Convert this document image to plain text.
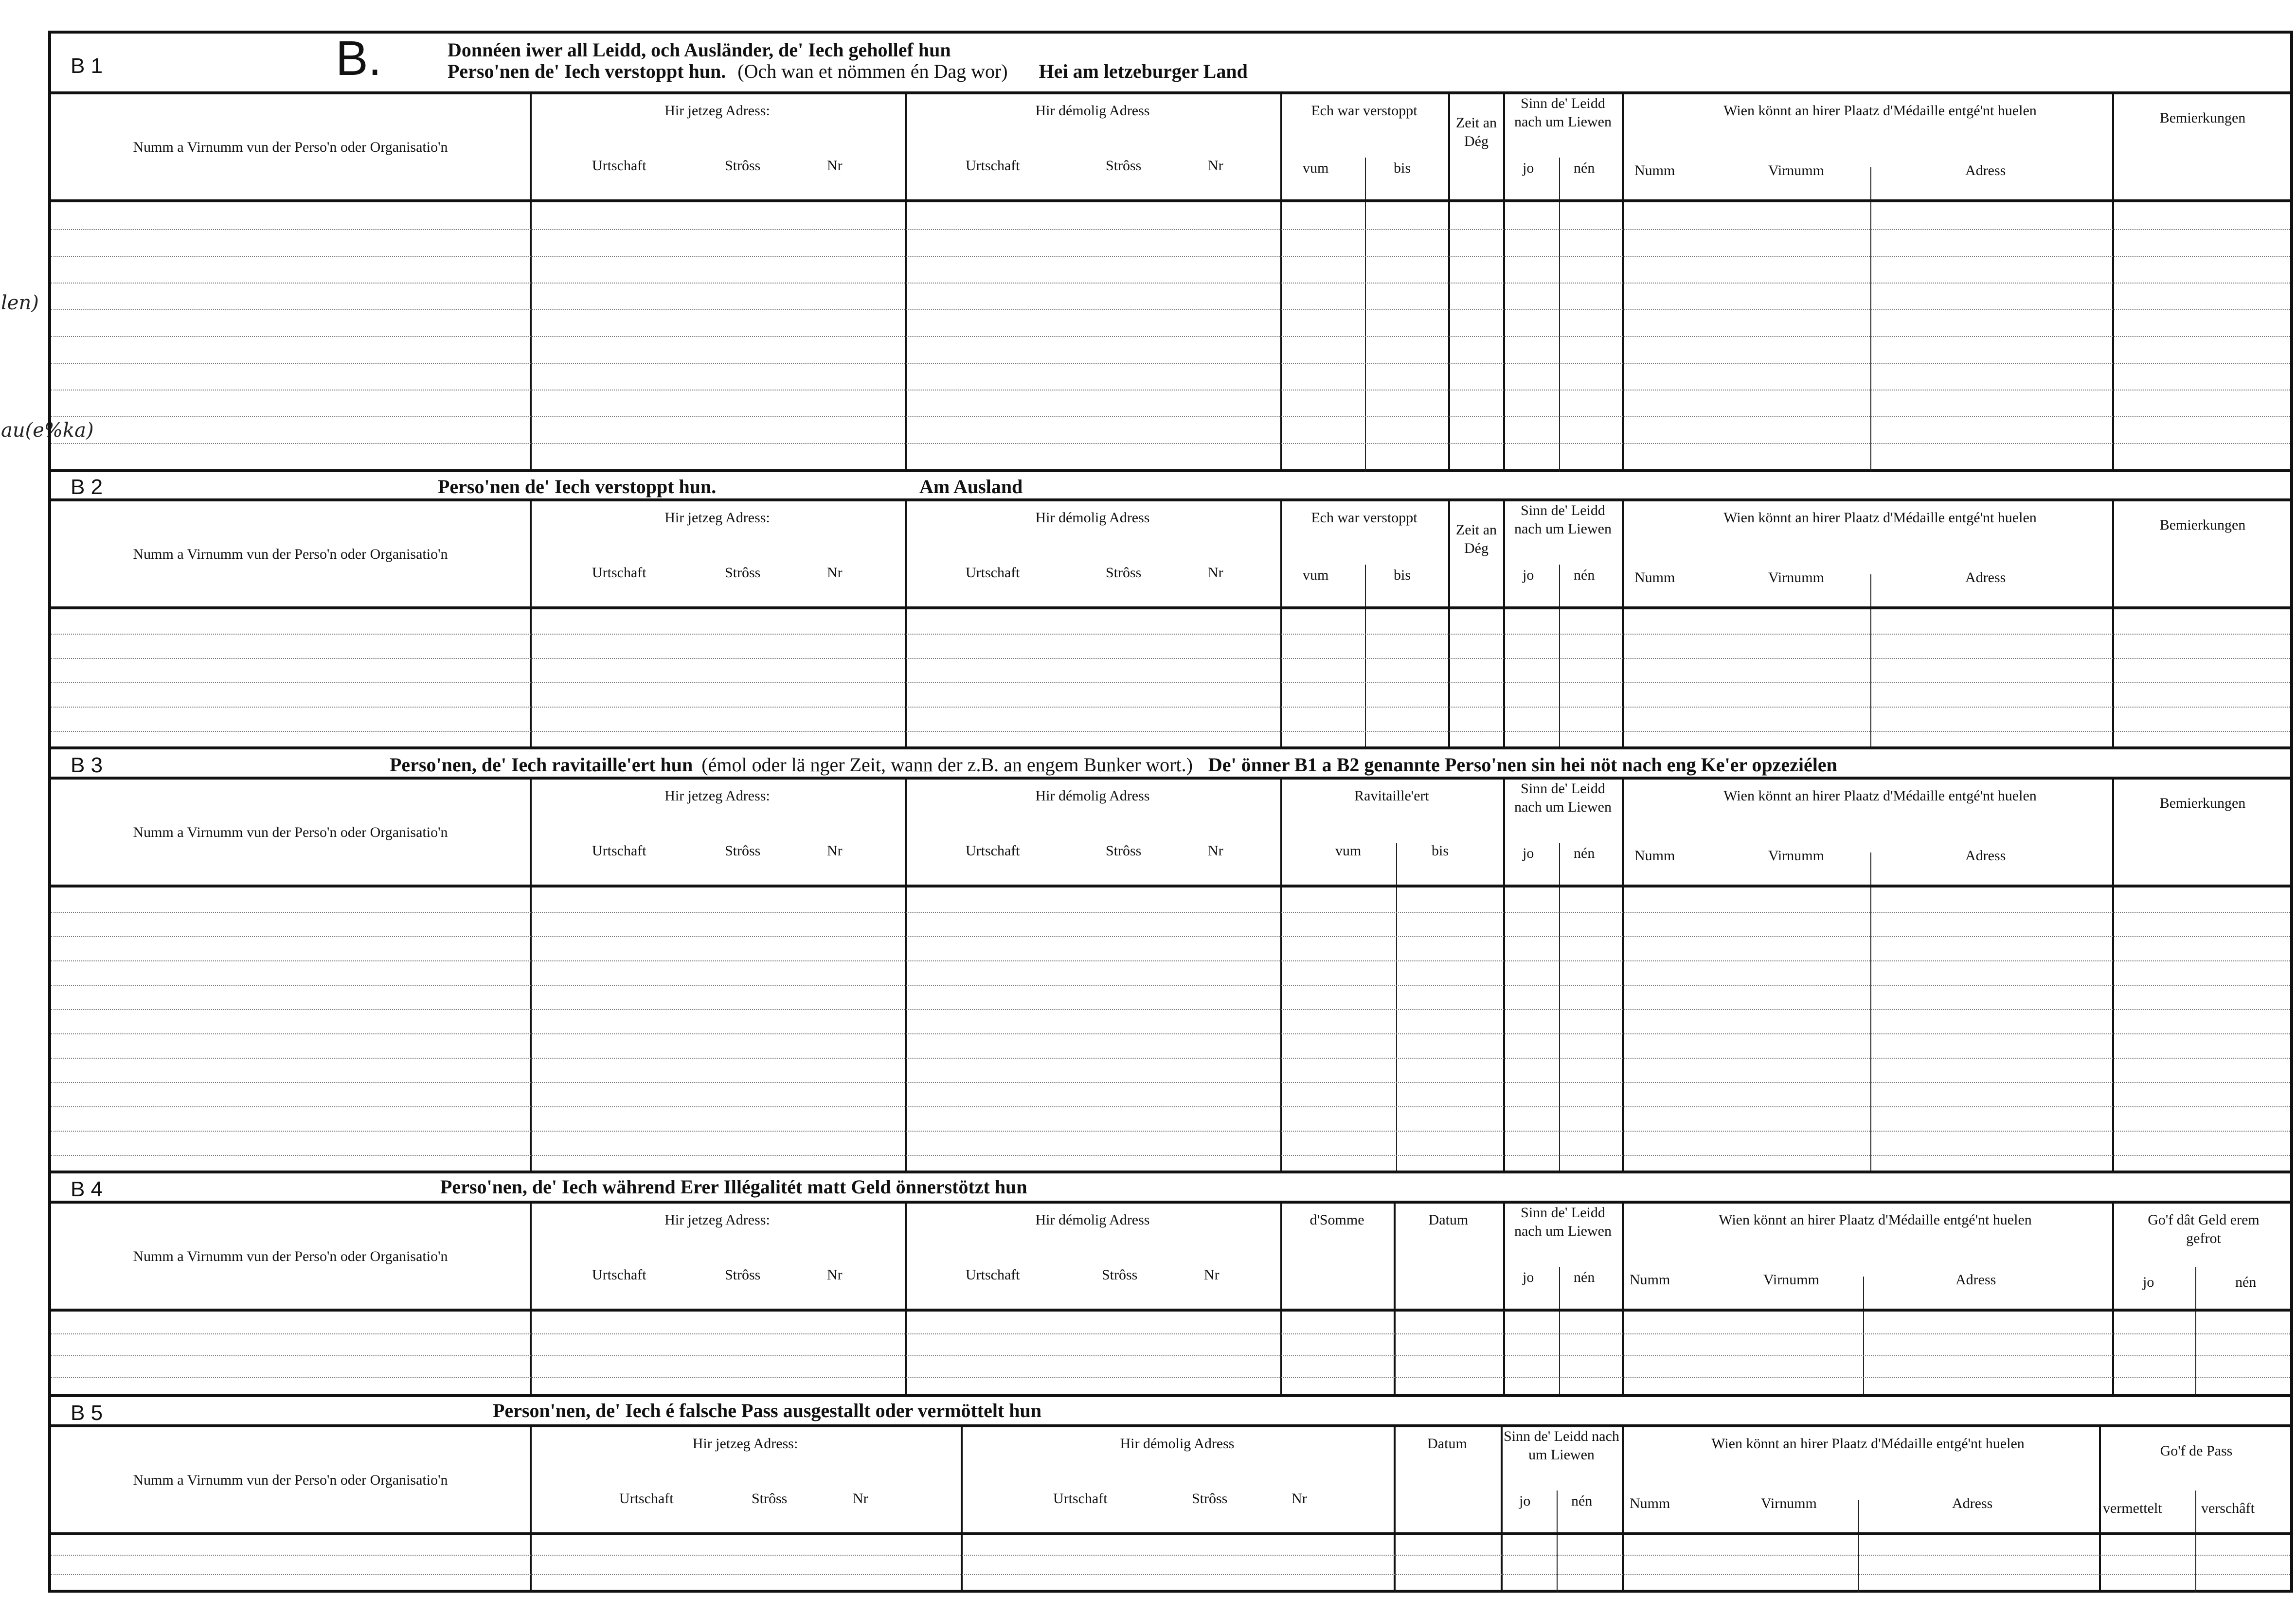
len)
au(e%ka)
B 1	B.	Donnéen iwer all Leidd, och Ausländer, de' Iech gehollef hun
Perso'nen de' Iech verstoppt hun. (Och wan et nömmen én Dag wor) Hei am letzeburger Land
Numm a Virnumm vun der Perso'n oder Organisatio'n
Hir jetzeg Adress:
Urtschaft	Strôss	Nr
Hir démolig Adress
Urtschaft	Strôss	Nr
Ech war verstoppt
vum	bis
Zeit an Dég
Sinn de' Leidd nach um Liewen
jo	nén
Wien könnt an hirer Plaatz d'Médaille entgé'nt huelen
Numm	Virnumm	Adress
Bemierkungen
B 2	Perso'nen de' Iech verstoppt hun.	Am Ausland
Numm a Virnumm vun der Perso'n oder Organisatio'n
Hir jetzeg Adress:
Urtschaft	Strôss	Nr
Hir démolig Adress
Urtschaft	Strôss	Nr
Ech war verstoppt
vum	bis
Zeit an Dég
Sinn de' Leidd nach um Liewen
jo	nén
Wien könnt an hirer Plaatz d'Médaille entgé'nt huelen
Numm	Virnumm	Adress
Bemierkungen
B 3	Perso'nen, de' Iech ravitaille'ert hun (émol oder lä nger Zeit, wann der z.B. an engem Bunker wort.) De' önner B1 a B2 genannte Perso'nen sin hei nöt nach eng Ke'er opzeziélen
Numm a Virnumm vun der Perso'n oder Organisatio'n
Hir jetzeg Adress:
Urtschaft	Strôss	Nr
Hir démolig Adress
Urtschaft	Strôss	Nr
Ravitaille'ert
vum	bis
Sinn de' Leidd nach um Liewen
jo	nén
Wien könnt an hirer Plaatz d'Médaille entgé'nt huelen
Numm	Virnumm	Adress
Bemierkungen
B 4	Perso'nen, de' Iech während Erer Illégalitét matt Geld önnerstötzt hun
Numm a Virnumm vun der Perso'n oder Organisatio'n
Hir jetzeg Adress:
Urtschaft	Strôss	Nr
Hir démolig Adress
Urtschaft	Strôss	Nr
d'Somme	Datum	Sinn de' Leidd nach um Liewen
jo	nén
Wien könnt an hirer Plaatz d'Médaille entgé'nt huelen
Numm	Virnumm	Adress
Go'f dât Geld erem gefrot
jo	nén
B 5	Person'nen, de' Iech é falsche Pass ausgestallt oder vermöttelt hun
Numm a Virnumm vun der Perso'n oder Organisatio'n
Hir jetzeg Adress:
Urtschaft	Strôss	Nr
Hir démolig Adress
Urtschaft	Strôss	Nr
Datum	Sinn de' Leidd nach um Liewen
jo	nén
Wien könnt an hirer Plaatz d'Médaille entgé'nt huelen
Numm	Virnumm	Adress
Go'f de Pass
vermettelt	verschâft
